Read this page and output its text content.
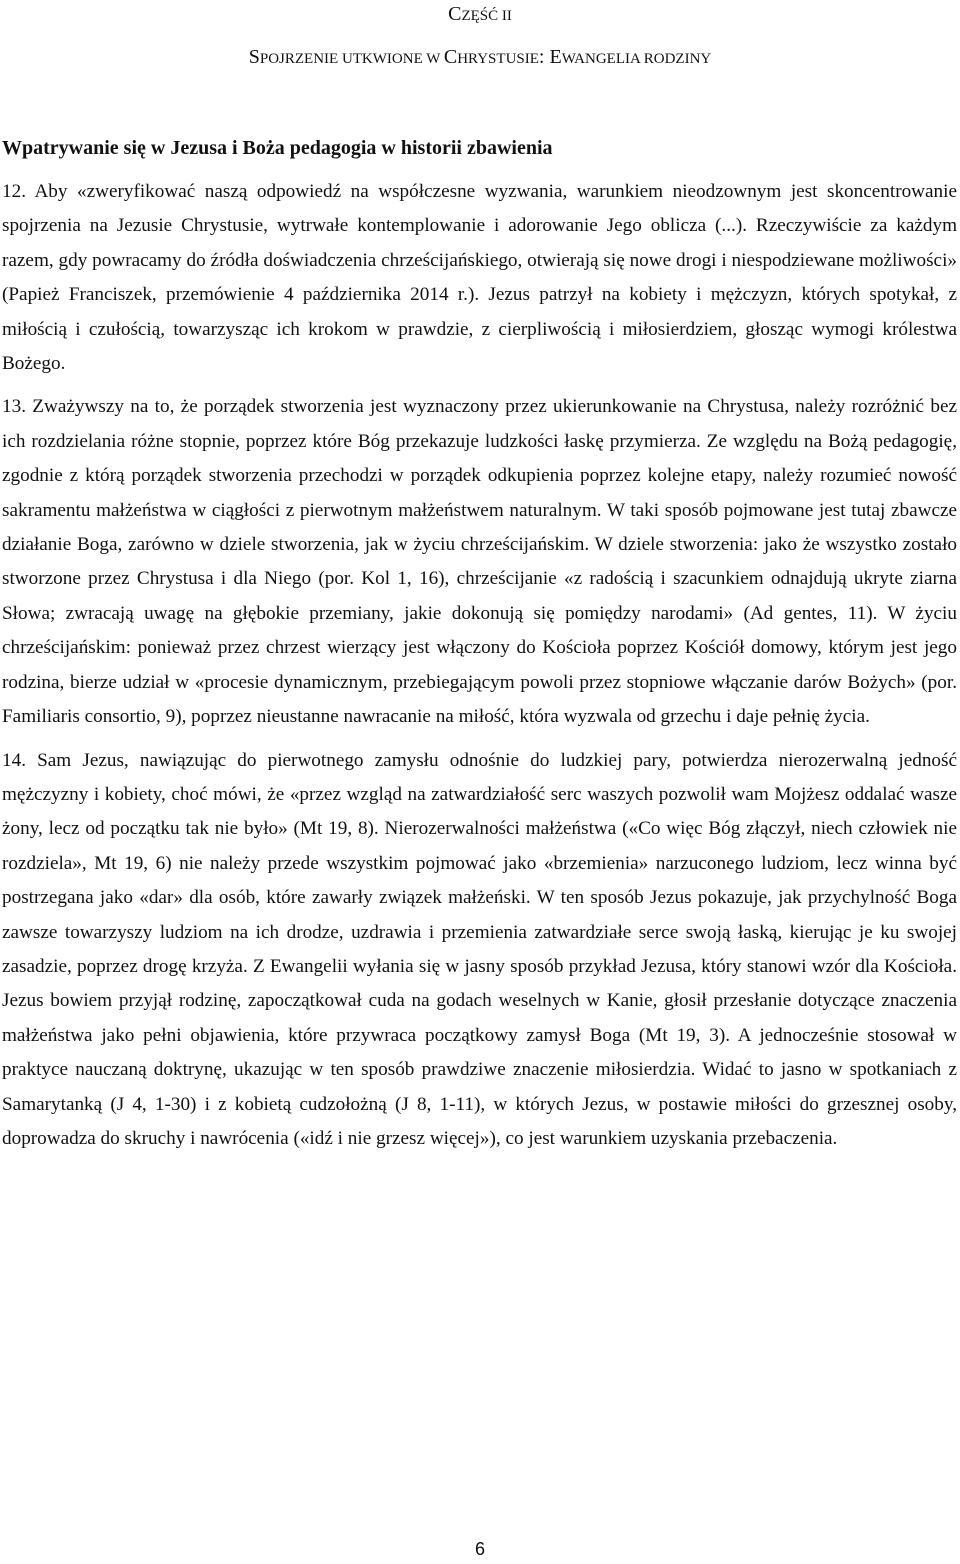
CZĘŚĆ II
SPOJRZENIE UTKWIONE W CHRYSTUSIE: EWANGELIA RODZINY
Wpatrywanie się w Jezusa i Boża pedagogia w historii zbawienia

12. Aby «zweryfikować naszą odpowiedź na współczesne wyzwania, warunkiem nieodzownym jest skoncentrowanie spojrzenia na Jezusie Chrystusie, wytrwałe kontemplowanie i adorowanie Jego oblicza (...). Rzeczywiście za każdym razem, gdy powracamy do źródła doświadczenia chrześcijańskiego, otwierają się nowe drogi i niespodziewane możliwości» (Papież Franciszek, przemówienie 4 października 2014 r.). Jezus patrzył na kobiety i mężczyzn, których spotykał, z miłością i czułością, towarzysząc ich krokom w prawdzie, z cierpliwością i miłosierdziem, głosząc wymogi królestwa Bożego.

13. Zważywszy na to, że porządek stworzenia jest wyznaczony przez ukierunkowanie na Chrystusa, należy rozróżnić bez ich rozdzielania różne stopnie, poprzez które Bóg przekazuje ludzkości łaskę przymierza. Ze względu na Bożą pedagogię, zgodnie z którą porządek stworzenia przechodzi w porządek odkupienia poprzez kolejne etapy, należy rozumieć nowość sakramentu małżeństwa w ciągłości z pierwotnym małżeństwem naturalnym. W taki sposób pojmowane jest tutaj zbawcze działanie Boga, zarówno w dziele stworzenia, jak w życiu chrześcijańskim. W dziele stworzenia: jako że wszystko zostało stworzone przez Chrystusa i dla Niego (por. Kol 1, 16), chrześcijanie «z radością i szacunkiem odnajdują ukryte ziarna Słowa; zwracają uwagę na głębokie przemiany, jakie dokonują się pomiędzy narodami» (Ad gentes, 11). W życiu chrześcijańskim: ponieważ przez chrzest wierzący jest włączony do Kościoła poprzez Kościół domowy, którym jest jego rodzina, bierze udział w «procesie dynamicznym, przebiegającym powoli przez stopniowe włączanie darów Bożych» (por. Familiaris consortio, 9), poprzez nieustanne nawracanie na miłość, która wyzwala od grzechu i daje pełnię życia.

14. Sam Jezus, nawiązując do pierwotnego zamysłu odnośnie do ludzkiej pary, potwierdza nierozerwalną jedność mężczyzny i kobiety, choć mówi, że «przez wzgląd na zatwardziałość serc waszych pozwolił wam Mojżesz oddalać wasze żony, lecz od początku tak nie było» (Mt 19, 8). Nierozerwalności małżeństwa («Co więc Bóg złączył, niech człowiek nie rozdziela», Mt 19, 6) nie należy przede wszystkim pojmować jako «brzemienia» narzuconego ludziom, lecz winna być postrzegana jako «dar» dla osób, które zawarły związek małżeński. W ten sposób Jezus pokazuje, jak przychylność Boga zawsze towarzyszy ludziom na ich drodze, uzdrawia i przemienia zatwardziałe serce swoją łaską, kierując je ku swojej zasadzie, poprzez drogę krzyża. Z Ewangelii wyłania się w jasny sposób przykład Jezusa, który stanowi wzór dla Kościoła. Jezus bowiem przyjął rodzinę, zapoczątkował cuda na godach weselnych w Kanie, głosił przesłanie dotyczące znaczenia małżeństwa jako pełni objawienia, które przywraca początkowy zamysł Boga (Mt 19, 3). A jednocześnie stosował w praktyce nauczaną doktrynę, ukazując w ten sposób prawdziwe znaczenie miłosierdzia. Widać to jasno w spotkaniach z Samarytanką (J 4, 1-30) i z kobietą cudzołożną (J 8, 1-11), w których Jezus, w postawie miłości do grzesznej osoby, doprowadza do skruchy i nawrócenia («idź i nie grzesz więcej»), co jest warunkiem uzyskania przebaczenia.

6
